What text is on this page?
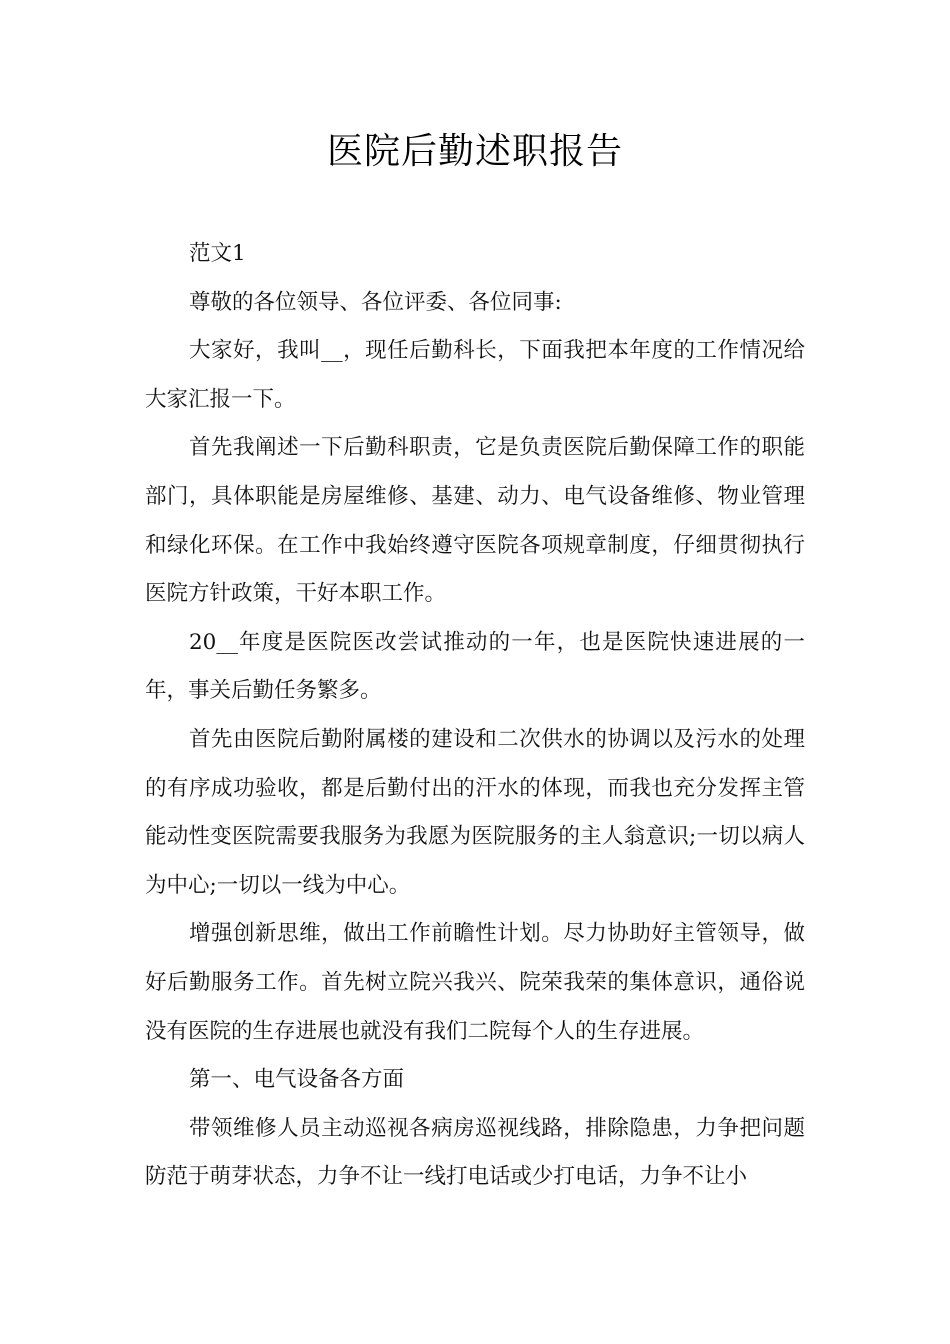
医院后勤述职报告

范文1

尊敬的各位领导、各位评委、各位同事:

大家好，我叫__，现任后勤科长，下面我把本年度的工作情况给大家汇报一下。

首先我阐述一下后勤科职责，它是负责医院后勤保障工作的职能部门，具体职能是房屋维修、基建、动力、电气设备维修、物业管理和绿化环保。在工作中我始终遵守医院各项规章制度，仔细贯彻执行医院方针政策，干好本职工作。

20__年度是医院医改尝试推动的一年，也是医院快速进展的一年，事关后勤任务繁多。

首先由医院后勤附属楼的建设和二次供水的协调以及污水的处理的有序成功验收，都是后勤付出的汗水的体现，而我也充分发挥主管能动性变医院需要我服务为我愿为医院服务的主人翁意识;一切以病人为中心;一切以一线为中心。

增强创新思维，做出工作前瞻性计划。尽力协助好主管领导，做好后勤服务工作。首先树立院兴我兴、院荣我荣的集体意识，通俗说没有医院的生存进展也就没有我们二院每个人的生存进展。

第一、电气设备各方面

带领维修人员主动巡视各病房巡视线路，排除隐患，力争把问题防范于萌芽状态，力争不让一线打电话或少打电话，力争不让小
